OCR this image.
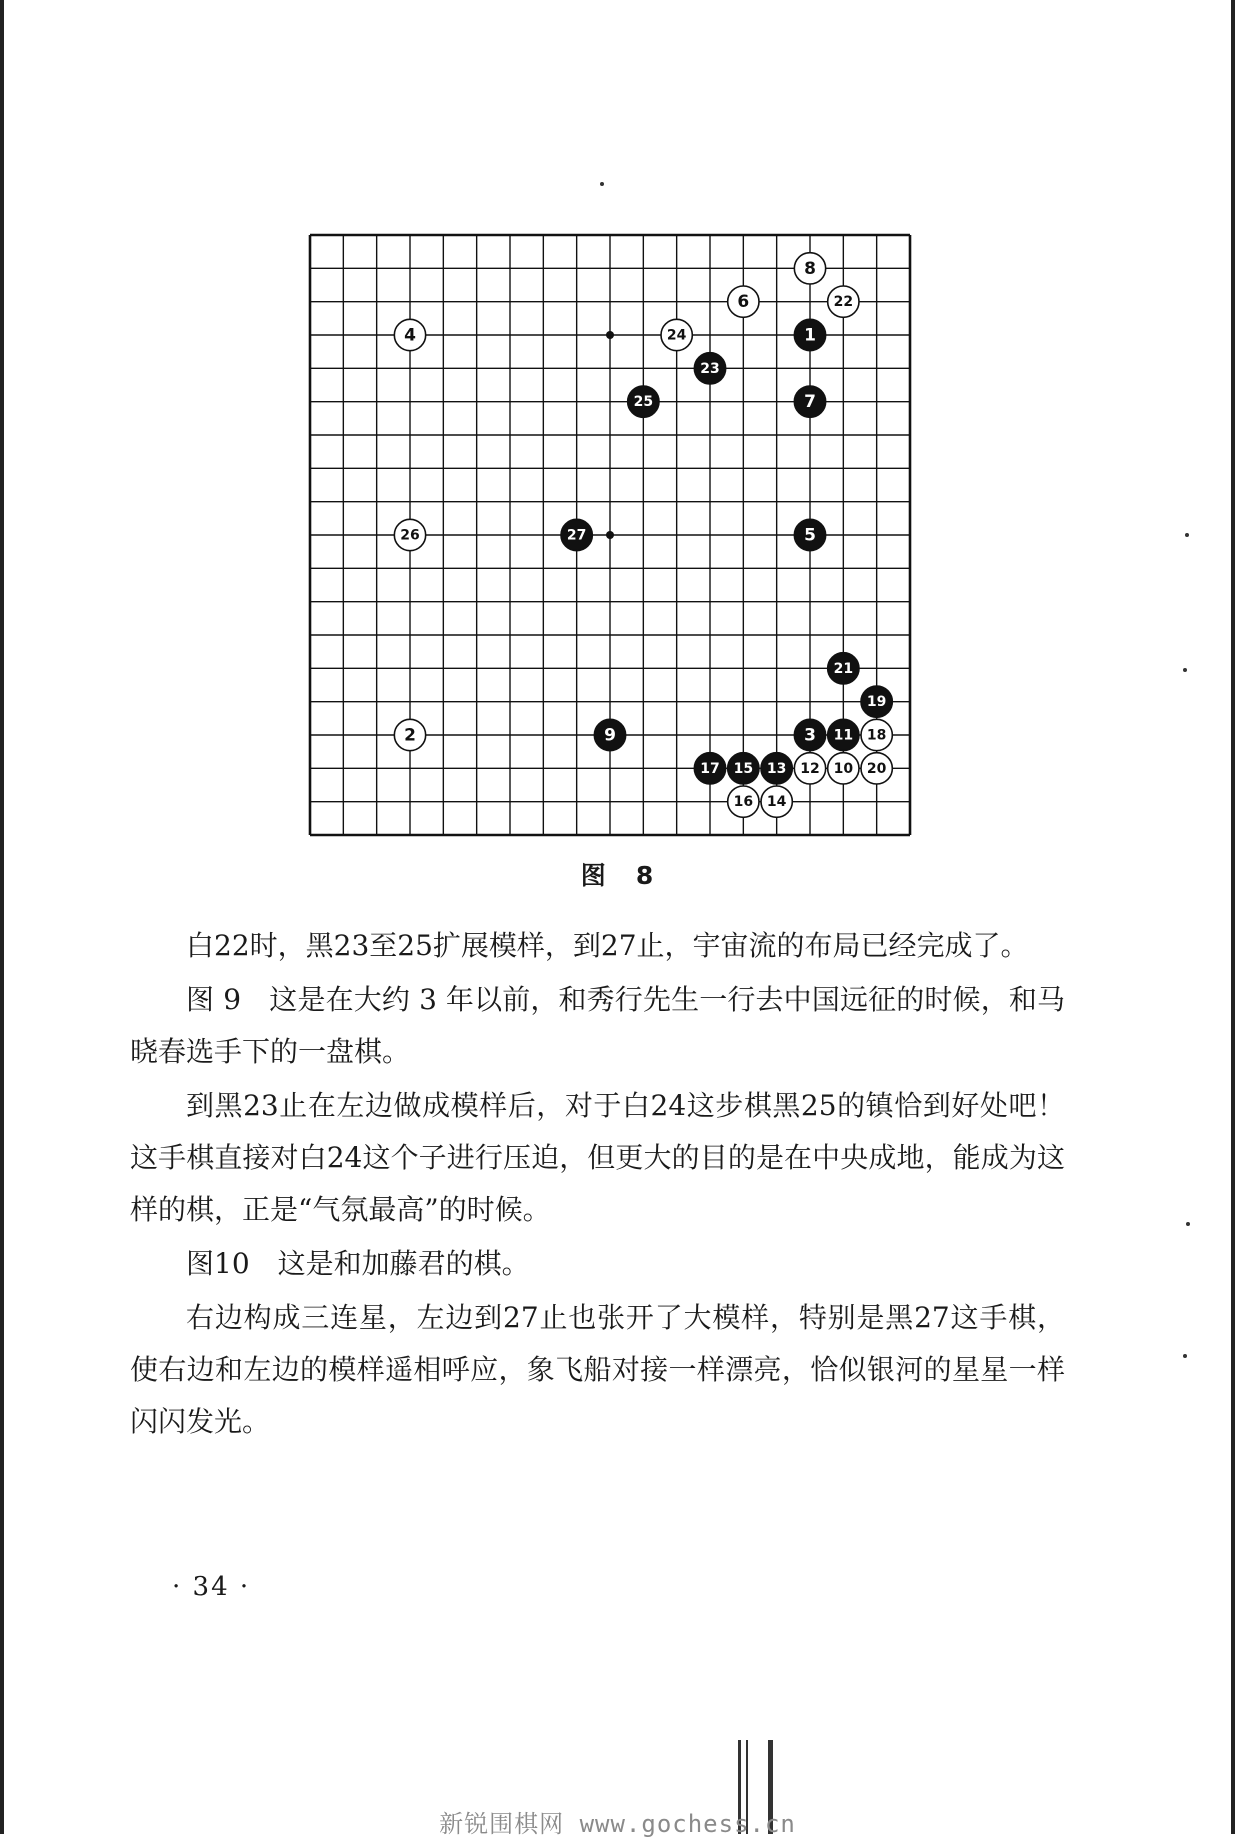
1
2	3
4
5
6
7
8
9
10
11
12
13
14
15
16
17
18
19
20
21
22
23
24
25
26	27
图   8

白22时，黑23至25扩展模样，到27止，宇宙流的布局已经完成了。

图 9　这是在大约 3 年以前，和秀行先生一行去中国远征的时候，和马晓春选手下的一盘棋。

到黑23止在左边做成模样后，对于白24这步棋黑25的镇恰到好处吧！这手棋直接对白24这个子进行压迫，但更大的目的是在中央成地，能成为这样的棋，正是“气氛最高”的时候。

图10　这是和加藤君的棋。

右边构成三连星，左边到27止也张开了大模样，特别是黑27这手棋，使右边和左边的模样遥相呼应，象飞船对接一样漂亮，恰似银河的星星一样闪闪发光。

· 34 ·
新锐围棋网 www.gochess.cn
